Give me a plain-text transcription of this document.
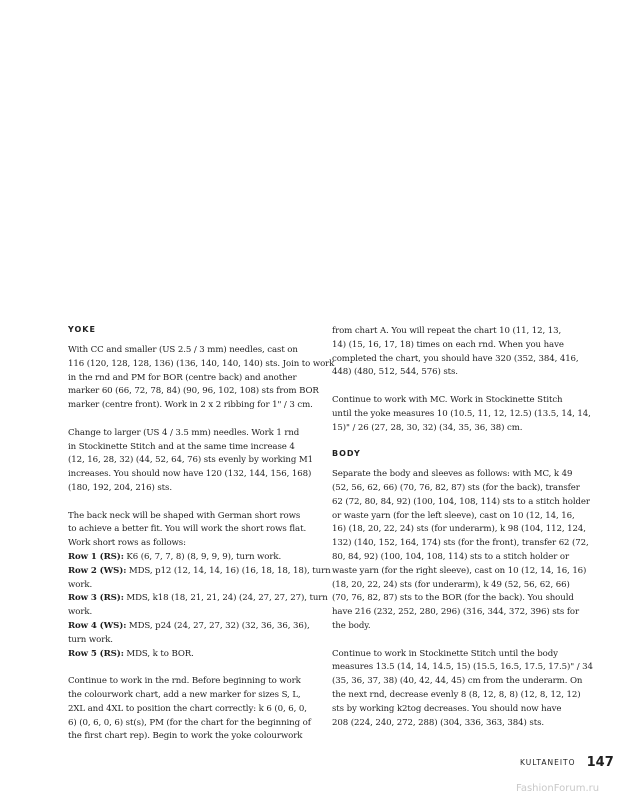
YOKE
With CC and smaller (US 2.5 / 3 mm) needles, cast on
116 (120, 128, 128, 136) (136, 140, 140, 140) sts. Join to work
in the rnd and PM for BOR (centre back) and another
marker 60 (66, 72, 78, 84) (90, 96, 102, 108) sts from BOR
marker (centre front). Work in 2 x 2 ribbing for 1" / 3 cm.
Change to larger (US 4 / 3.5 mm) needles. Work 1 rnd
in Stockinette Stitch and at the same time increase 4
(12, 16, 28, 32) (44, 52, 64, 76) sts evenly by working M1
increases. You should now have 120 (132, 144, 156, 168)
(180, 192, 204, 216) sts.
The back neck will be shaped with German short rows
to achieve a better fit. You will work the short rows flat.
Work short rows as follows:
Row 1 (RS): K6 (6, 7, 7, 8) (8, 9, 9, 9), turn work.
Row 2 (WS): MDS, p12 (12, 14, 14, 16) (16, 18, 18, 18), turn
work.
Row 3 (RS): MDS, k18 (18, 21, 21, 24) (24, 27, 27, 27), turn
work.
Row 4 (WS): MDS, p24 (24, 27, 27, 32) (32, 36, 36, 36),
turn work.
Row 5 (RS): MDS, k to BOR.
Continue to work in the rnd. Before beginning to work
the colourwork chart, add a new marker for sizes S, L,
2XL and 4XL to position the chart correctly: k 6 (0, 6, 0,
6) (0, 6, 0, 6) st(s), PM (for the chart for the beginning of
the first chart rep). Begin to work the yoke colourwork
from chart A. You will repeat the chart 10 (11, 12, 13,
14) (15, 16, 17, 18) times on each rnd. When you have
completed the chart, you should have 320 (352, 384, 416,
448) (480, 512, 544, 576) sts.
Continue to work with MC. Work in Stockinette Stitch
until the yoke measures 10 (10.5, 11, 12, 12.5) (13.5, 14, 14,
15)" / 26 (27, 28, 30, 32) (34, 35, 36, 38) cm.
BODY
Separate the body and sleeves as follows: with MC, k 49
(52, 56, 62, 66) (70, 76, 82, 87) sts (for the back), transfer
62 (72, 80, 84, 92) (100, 104, 108, 114) sts to a stitch holder
or waste yarn (for the left sleeve), cast on 10 (12, 14, 16,
16) (18, 20, 22, 24) sts (for underarm), k 98 (104, 112, 124,
132) (140, 152, 164, 174) sts (for the front), transfer 62 (72,
80, 84, 92) (100, 104, 108, 114) sts to a stitch holder or
waste yarn (for the right sleeve), cast on 10 (12, 14, 16, 16)
(18, 20, 22, 24) sts (for underarm), k 49 (52, 56, 62, 66)
(70, 76, 82, 87) sts to the BOR (for the back). You should
have 216 (232, 252, 280, 296) (316, 344, 372, 396) sts for
the body.
Continue to work in Stockinette Stitch until the body
measures 13.5 (14, 14, 14.5, 15) (15.5, 16.5, 17.5, 17.5)" / 34
(35, 36, 37, 38) (40, 42, 44, 45) cm from the underarm. On
the next rnd, decrease evenly 8 (8, 12, 8, 8) (12, 8, 12, 12)
sts by working k2tog decreases. You should now have
208 (224, 240, 272, 288) (304, 336, 363, 384) sts.
KULTANEITO 147
FashionForum.ru
